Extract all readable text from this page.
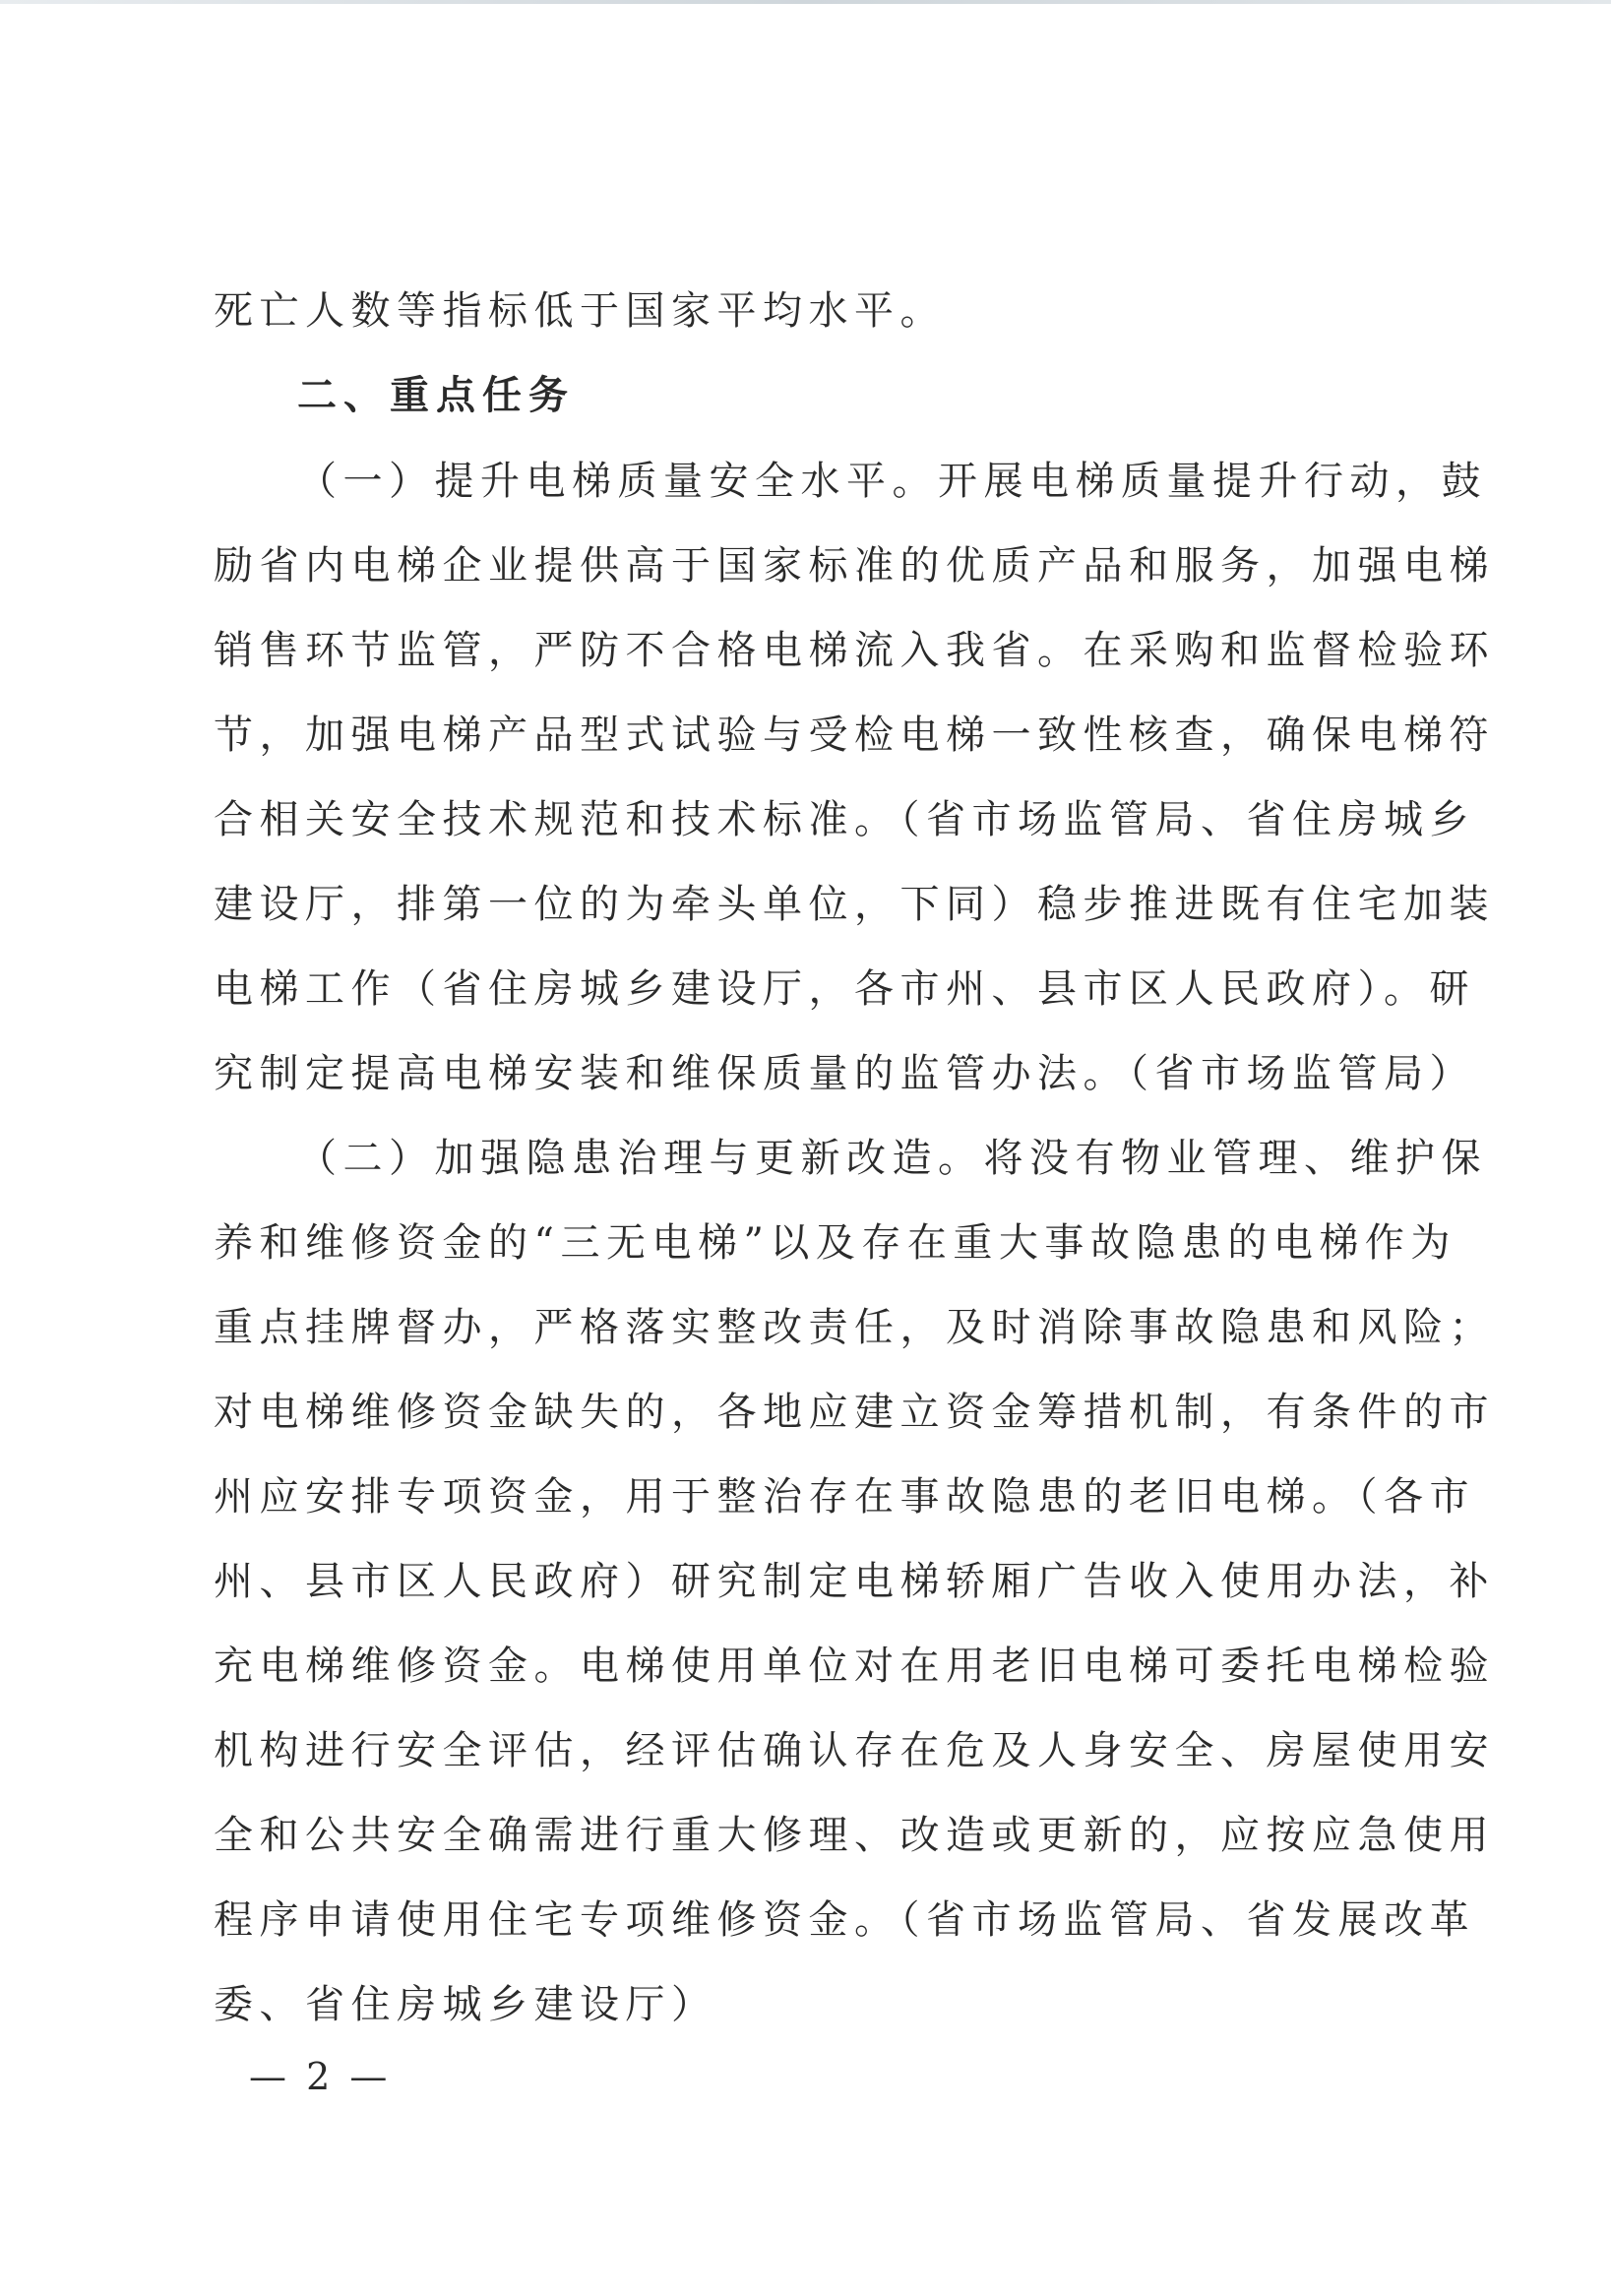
死亡人数等指标低于国家平均水平。
二、重点任务
（一）提升电梯质量安全水平。开展电梯质量提升行动，鼓
励省内电梯企业提供高于国家标准的优质产品和服务，加强电梯
销售环节监管，严防不合格电梯流入我省。在采购和监督检验环
节，加强电梯产品型式试验与受检电梯一致性核查，确保电梯符
合相关安全技术规范和技术标准。（省市场监管局、省住房城乡
建设厅，排第一位的为牵头单位，下同）稳步推进既有住宅加装
电梯工作（省住房城乡建设厅，各市州、县市区人民政府）。研
究制定提高电梯安装和维保质量的监管办法。（省市场监管局）
（二）加强隐患治理与更新改造。将没有物业管理、维护保
养和维修资金的“三无电梯”以及存在重大事故隐患的电梯作为
重点挂牌督办，严格落实整改责任，及时消除事故隐患和风险；
对电梯维修资金缺失的，各地应建立资金筹措机制，有条件的市
州应安排专项资金，用于整治存在事故隐患的老旧电梯。（各市
州、县市区人民政府）研究制定电梯轿厢广告收入使用办法，补
充电梯维修资金。电梯使用单位对在用老旧电梯可委托电梯检验
机构进行安全评估，经评估确认存在危及人身安全、房屋使用安
全和公共安全确需进行重大修理、改造或更新的，应按应急使用
程序申请使用住宅专项维修资金。（省市场监管局、省发展改革
委、省住房城乡建设厅）
— 2 —
